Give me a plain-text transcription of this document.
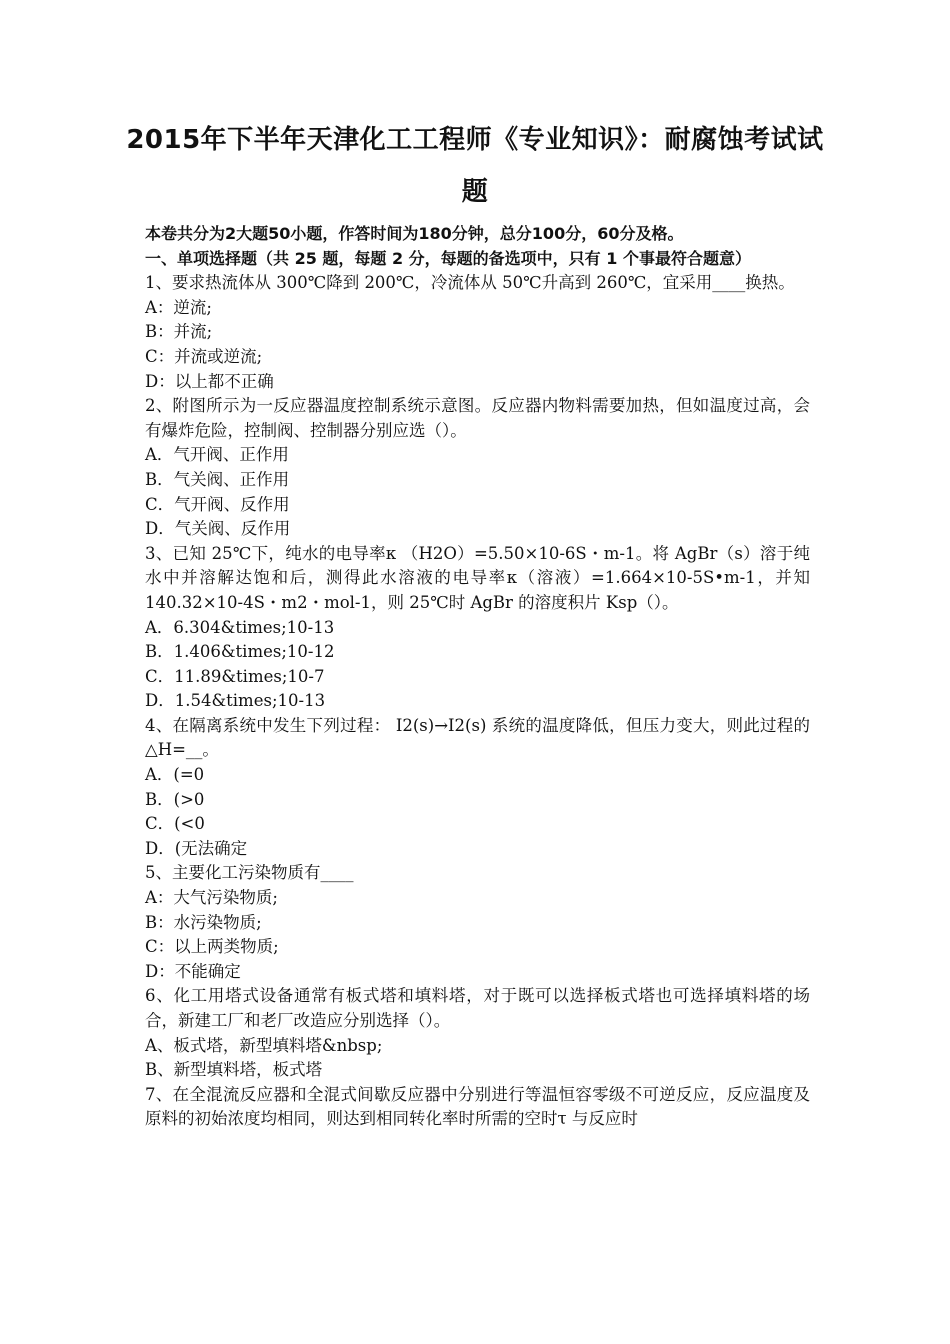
2015年下半年天津化工工程师《专业知识》：耐腐蚀考试试题

本卷共分为2大题50小题，作答时间为180分钟，总分100分，60分及格。

一、单项选择题（共 25 题，每题 2 分，每题的备选项中，只有 1 个事最符合题意）

1、要求热流体从 300℃降到 200℃，冷流体从 50℃升高到 260℃，宜采用____换热。

A：逆流;

B：并流;

C：并流或逆流;

D：以上都不正确

2、附图所示为一反应器温度控制系统示意图。反应器内物料需要加热，但如温度过高，会有爆炸危险，控制阀、控制器分别应选（）。

A．气开阀、正作用

B．气关阀、正作用

C．气开阀、反作用

D．气关阀、反作用

3、已知 25℃下，纯水的电导率κ （H2O）=5.50×10-6S・m-1。将 AgBr（s）溶于纯水中并溶解达饱和后，测得此水溶液的电导率κ（溶液）=1.664×10-5S•m-1，并知 140.32×10-4S・m2・mol-1，则 25℃时 AgBr 的溶度积片 Ksp（）。

A．6.304&times;10-13

B．1.406&times;10-12

C．11.89&times;10-7

D．1.54&times;10-13

4、在隔离系统中发生下列过程： I2(s)→I2(s) 系统的温度降低，但压力变大，则此过程的△H=__。

A．(=0

B．(>0

C．(<0

D．(无法确定

5、主要化工污染物质有____

A：大气污染物质;

B：水污染物质;

C：以上两类物质;

D：不能确定

6、化工用塔式设备通常有板式塔和填料塔，对于既可以选择板式塔也可选择填料塔的场合，新建工厂和老厂改造应分别选择（）。

A、板式塔，新型填料塔&nbsp;

B、新型填料塔，板式塔

7、在全混流反应器和全混式间歇反应器中分别进行等温恒容零级不可逆反应，反应温度及原料的初始浓度均相同，则达到相同转化率时所需的空时τ 与反应时
